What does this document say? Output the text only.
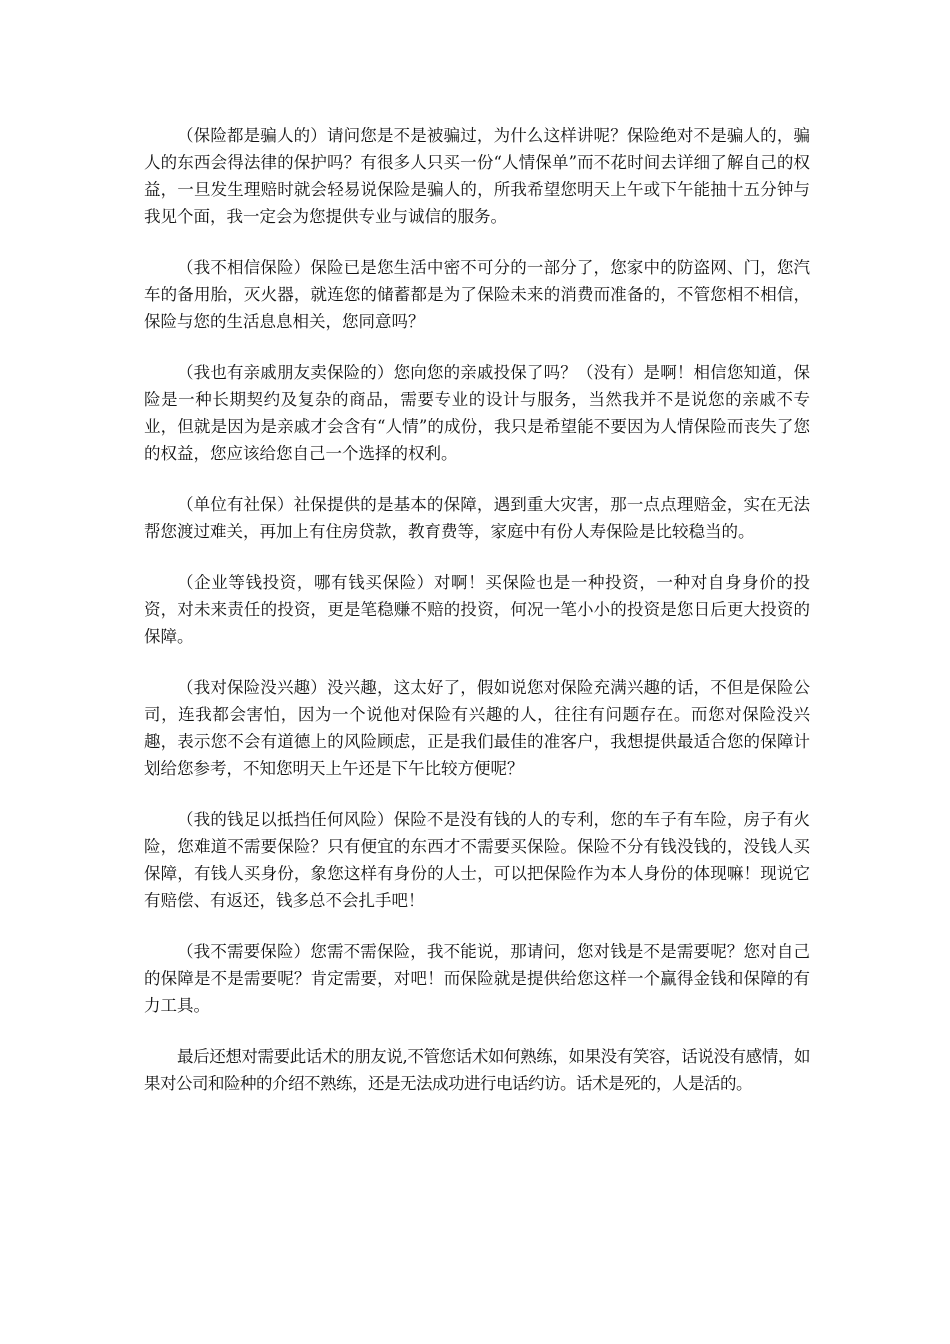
（保险都是骗人的）请问您是不是被骗过，为什么这样讲呢？保险绝对不是骗人的，骗人的东西会得法律的保护吗？有很多人只买一份“人情保单”而不花时间去详细了解自己的权益，一旦发生理赔时就会轻易说保险是骗人的，所我希望您明天上午或下午能抽十五分钟与我见个面，我一定会为您提供专业与诚信的服务。

（我不相信保险）保险已是您生活中密不可分的一部分了，您家中的防盗网、门，您汽车的备用胎，灭火器，就连您的储蓄都是为了保险未来的消费而准备的，不管您相不相信，保险与您的生活息息相关，您同意吗？

（我也有亲戚朋友卖保险的）您向您的亲戚投保了吗？（没有）是啊！相信您知道，保险是一种长期契约及复杂的商品，需要专业的设计与服务，当然我并不是说您的亲戚不专业，但就是因为是亲戚才会含有“人情”的成份，我只是希望能不要因为人情保险而丧失了您的权益，您应该给您自己一个选择的权利。

（单位有社保）社保提供的是基本的保障，遇到重大灾害，那一点点理赔金，实在无法帮您渡过难关，再加上有住房贷款，教育费等，家庭中有份人寿保险是比较稳当的。

（企业等钱投资，哪有钱买保险）对啊！买保险也是一种投资，一种对自身身价的投资，对未来责任的投资，更是笔稳赚不赔的投资，何况一笔小小的投资是您日后更大投资的保障。

（我对保险没兴趣）没兴趣，这太好了，假如说您对保险充满兴趣的话，不但是保险公司，连我都会害怕，因为一个说他对保险有兴趣的人，往往有问题存在。而您对保险没兴趣，表示您不会有道德上的风险顾虑，正是我们最佳的准客户，我想提供最适合您的保障计划给您参考，不知您明天上午还是下午比较方便呢？

（我的钱足以抵挡任何风险）保险不是没有钱的人的专利，您的车子有车险，房子有火险，您难道不需要保险？只有便宜的东西才不需要买保险。保险不分有钱没钱的，没钱人买保障，有钱人买身份，象您这样有身份的人士，可以把保险作为本人身份的体现嘛！现说它有赔偿、有返还，钱多总不会扎手吧！

（我不需要保险）您需不需保险，我不能说，那请问，您对钱是不是需要呢？您对自己的保障是不是需要呢？肯定需要，对吧！而保险就是提供给您这样一个赢得金钱和保障的有力工具。

最后还想对需要此话术的朋友说,不管您话术如何熟练，如果没有笑容，话说没有感情，如果对公司和险种的介绍不熟练，还是无法成功进行电话约访。话术是死的，人是活的。
